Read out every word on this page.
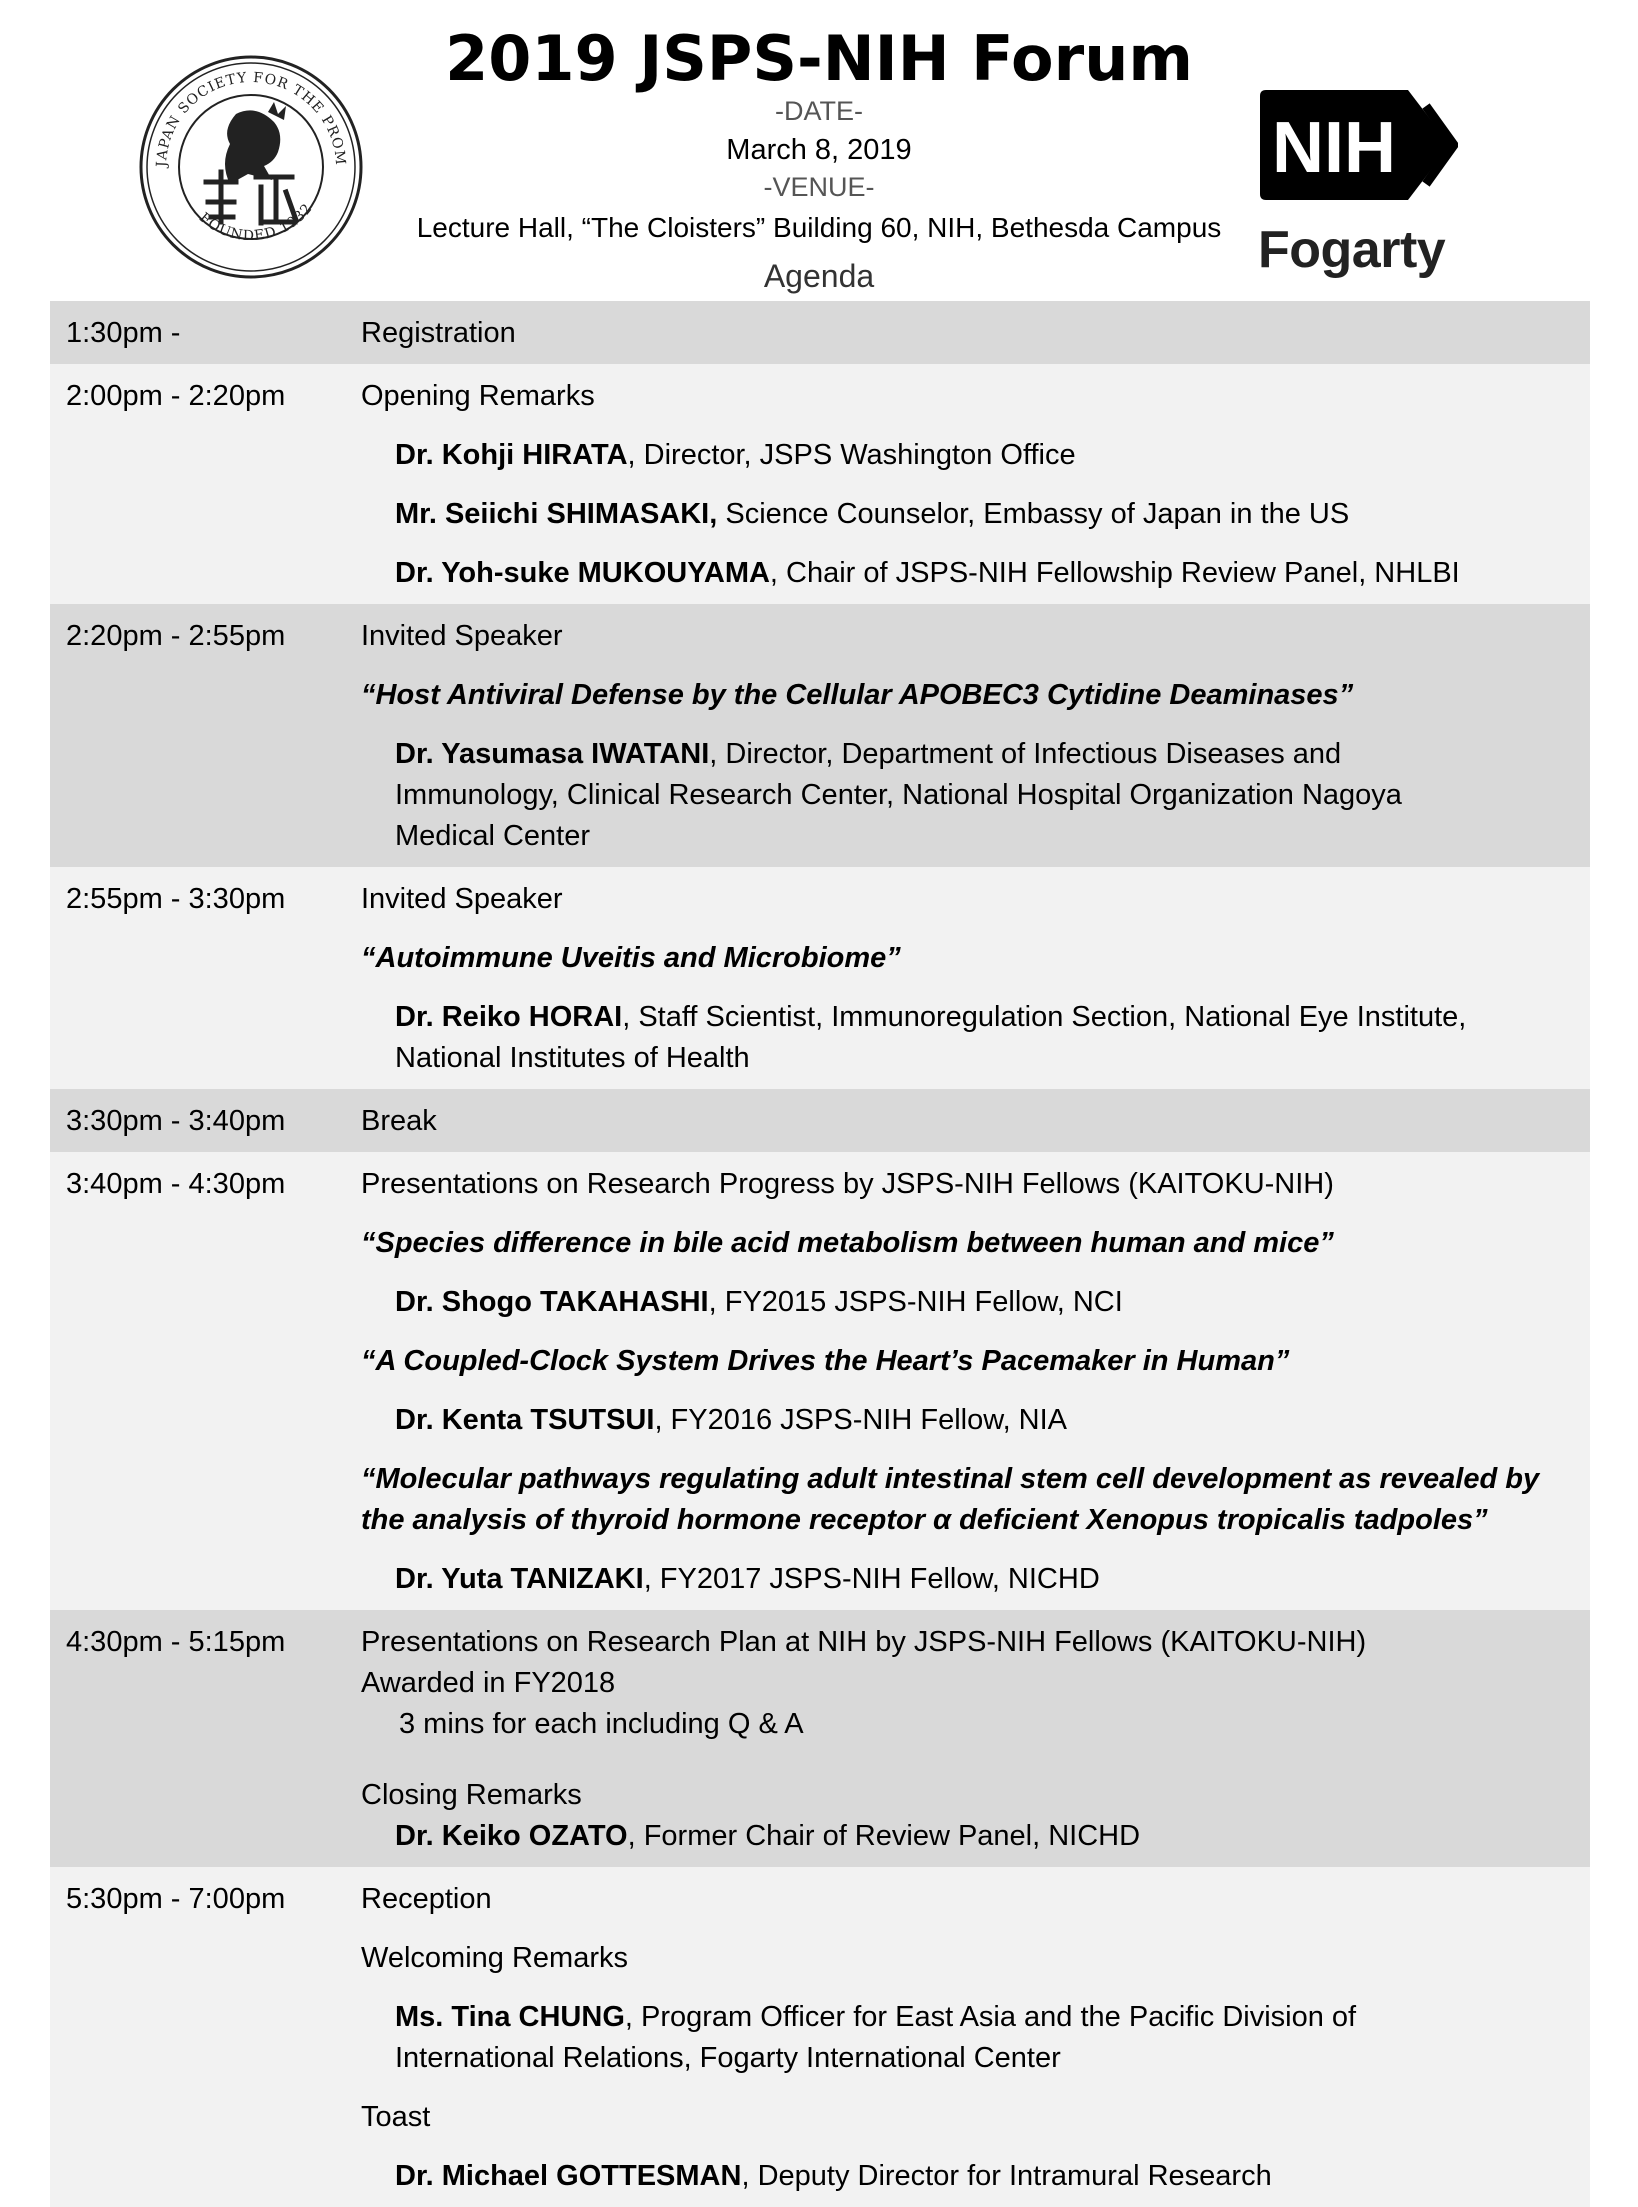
JAPAN SOCIETY FOR THE PROM
FOUNDED 1932
2019 JSPS-NIH Forum
-DATE-
March 8, 2019
-VENUE-
Lecture Hall, “The Cloisters” Building 60, NIH, Bethesda Campus
Agenda
NIH
Fogarty
1:30pm -	Registration
2:00pm - 2:20pm	Opening Remarks
Dr. Kohji HIRATA, Director, JSPS Washington Office
Mr. Seiichi SHIMASAKI, Science Counselor, Embassy of Japan in the US
Dr. Yoh-suke MUKOUYAMA, Chair of JSPS-NIH Fellowship Review Panel, NHLBI
2:20pm - 2:55pm	Invited Speaker
“Host Antiviral Defense by the Cellular APOBEC3 Cytidine Deaminases”
Dr. Yasumasa IWATANI, Director, Department of Infectious Diseases and
Immunology, Clinical Research Center, National Hospital Organization Nagoya
Medical Center
2:55pm - 3:30pm	Invited Speaker
“Autoimmune Uveitis and Microbiome”
Dr. Reiko HORAI, Staff Scientist, Immunoregulation Section, National Eye Institute,
National Institutes of Health
3:30pm - 3:40pm	Break
3:40pm - 4:30pm	Presentations on Research Progress by JSPS-NIH Fellows (KAITOKU-NIH)
“Species difference in bile acid metabolism between human and mice”
Dr. Shogo TAKAHASHI, FY2015 JSPS-NIH Fellow, NCI
“A Coupled-Clock System Drives the Heart’s Pacemaker in Human”
Dr. Kenta TSUTSUI, FY2016 JSPS-NIH Fellow, NIA
“Molecular pathways regulating adult intestinal stem cell development as revealed by
the analysis of thyroid hormone receptor α deficient Xenopus tropicalis tadpoles”
Dr. Yuta TANIZAKI, FY2017 JSPS-NIH Fellow, NICHD
4:30pm - 5:15pm	Presentations on Research Plan at NIH by JSPS-NIH Fellows (KAITOKU-NIH)
Awarded in FY2018
3 mins for each including Q & A
Closing Remarks
Dr. Keiko OZATO, Former Chair of Review Panel, NICHD
5:30pm - 7:00pm	Reception
Welcoming Remarks
Ms. Tina CHUNG, Program Officer for East Asia and the Pacific Division of
International Relations, Fogarty International Center
Toast
Dr. Michael GOTTESMAN, Deputy Director for Intramural Research
